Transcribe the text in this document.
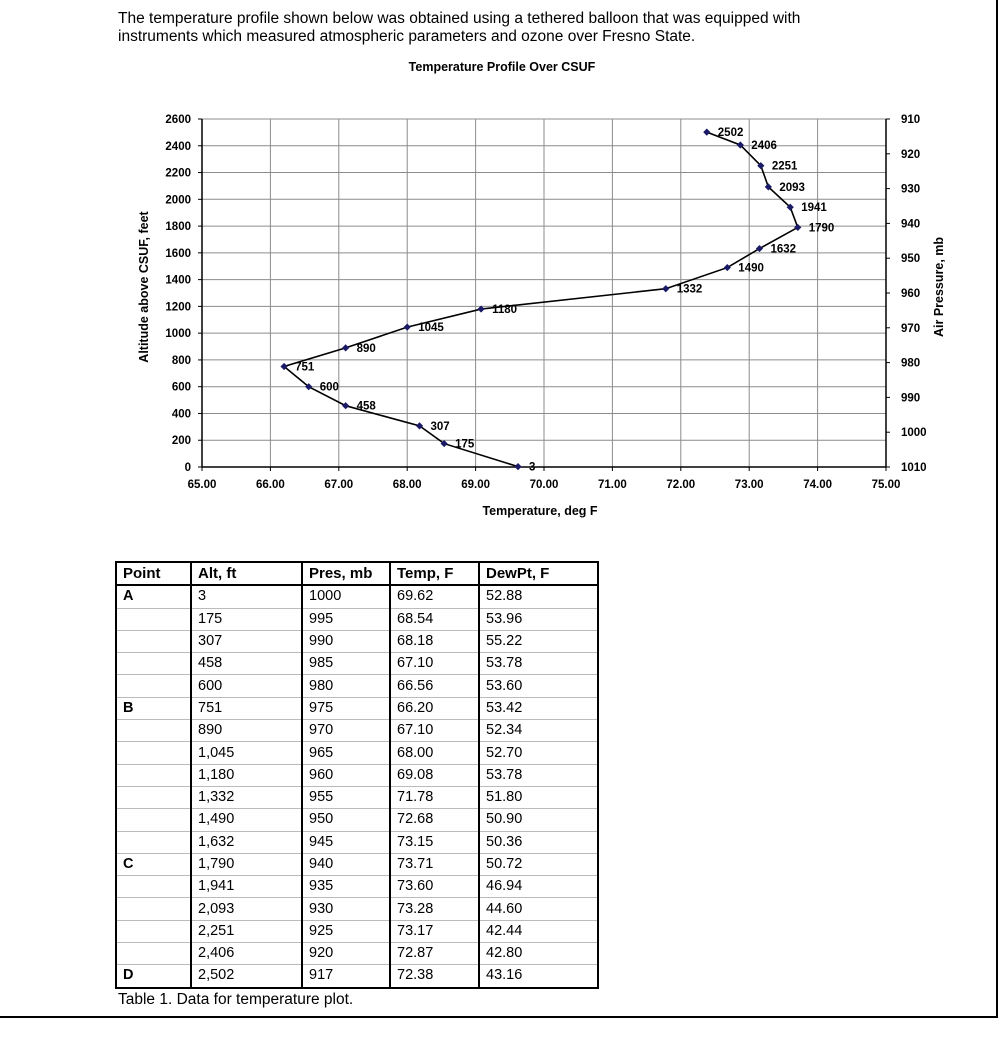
The temperature profile shown below was obtained using a tethered balloon that was equipped with

instruments which measured atmospheric parameters and ozone over Fresno State.

Temperature Profile Over CSUF
65.00	66.00	67.00	68.00	69.00	70.00	71.00	72.00	73.00	74.00	75.00
0
200
400
600
800
1000
1200
1400
1600
1800
2000
2200
2400
2600	910
920
930
940
950
960
970
980
990
1000
1010
Temperature, deg F
Altitude above CSUF, feet	Air Pressure, mb
3
175
307
458
600
751
890
1045
1180
1332
1490
1632
1790
1941
2093
2251
2406
2502
Point	Alt, ft	Pres, mb	Temp, F	DewPt, F
A	3	1000	69.62	52.88
	175	995	68.54	53.96
	307	990	68.18	55.22
	458	985	67.10	53.78
	600	980	66.56	53.60
B	751	975	66.20	53.42
	890	970	67.10	52.34
	1,045	965	68.00	52.70
	1,180	960	69.08	53.78
	1,332	955	71.78	51.80
	1,490	950	72.68	50.90
	1,632	945	73.15	50.36
C	1,790	940	73.71	50.72
	1,941	935	73.60	46.94
	2,093	930	73.28	44.60
	2,251	925	73.17	42.44
	2,406	920	72.87	42.80
D	2,502	917	72.38	43.16
Table 1. Data for temperature plot.
